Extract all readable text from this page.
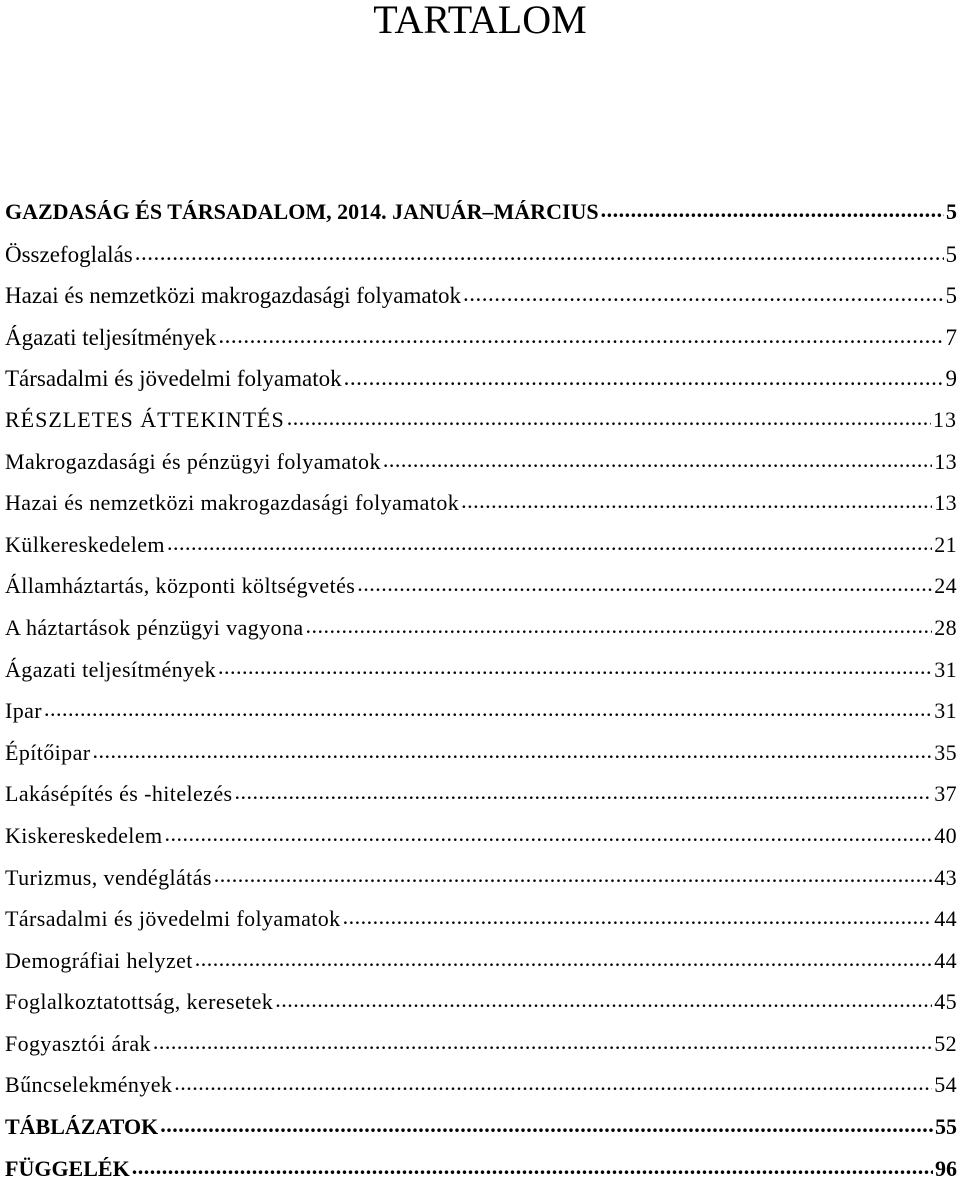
TARTALOM
GAZDASÁG ÉS TÁRSADALOM, 2014. JANUÁR–MÁRCIUS .....	5
Összefoglalás .....	5
Hazai és nemzetközi makrogazdasági folyamatok .....	5
Ágazati teljesítmények .....	7
Társadalmi és jövedelmi folyamatok .....	9
RÉSZLETES ÁTTEKINTÉS .....	13
Makrogazdasági és pénzügyi folyamatok .....	13
Hazai és nemzetközi makrogazdasági folyamatok .....	13
Külkereskedelem .....	21
Államháztartás, központi költségvetés .....	24
A háztartások pénzügyi vagyona .....	28
Ágazati teljesítmények .....	31
Ipar .....	31
Építőipar .....	35
Lakásépítés és -hitelezés .....	37
Kiskereskedelem .....	40
Turizmus, vendéglátás .....	43
Társadalmi és jövedelmi folyamatok .....	44
Demográfiai helyzet .....	44
Foglalkoztatottság, keresetek .....	45
Fogyasztói árak .....	52
Bűncselekmények .....	54
TÁBLÁZATOK .....	55
FÜGGELÉK .....	96
